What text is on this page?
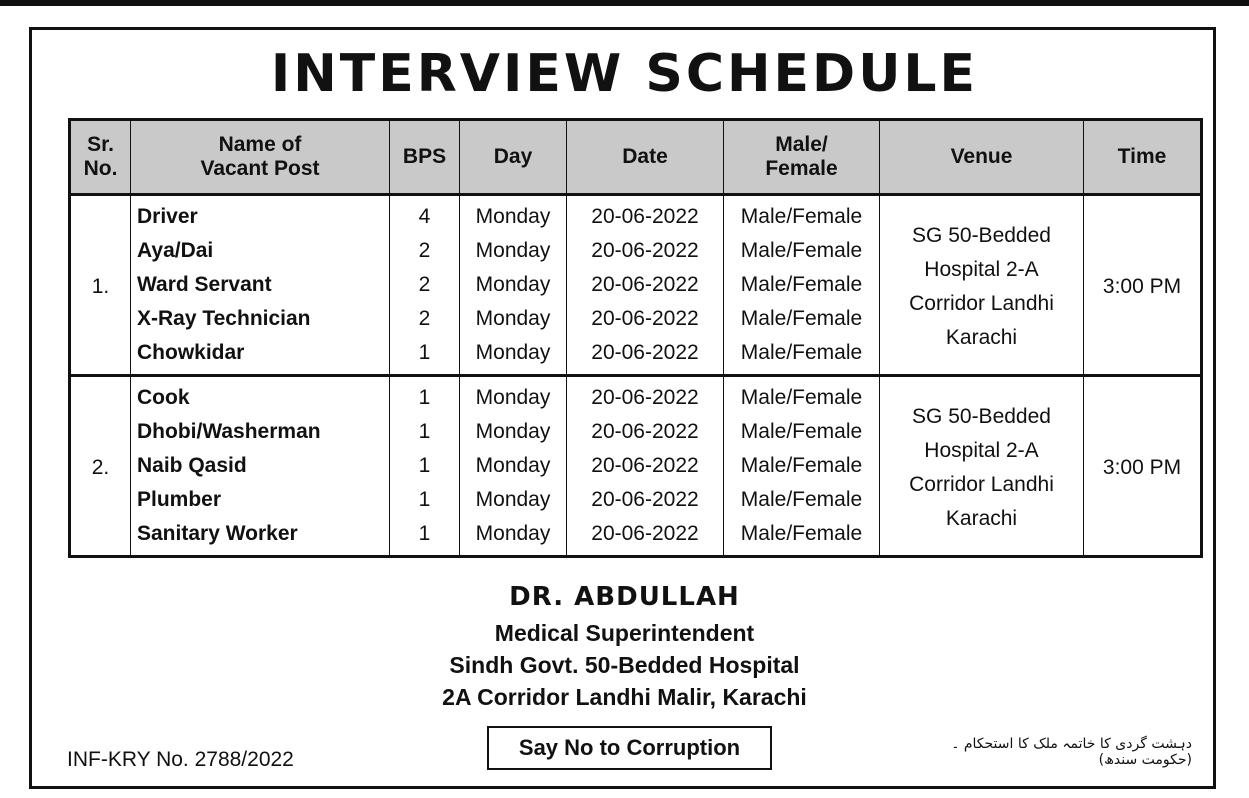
INTERVIEW SCHEDULE
Sr.
No.	Name of
Vacant Post	BPS	Day	Date	Male/
Female	Venue	Time
1.	Driver	4	Monday	20-06-2022	Male/Female	SG 50-Bedded
Hospital 2-A
Corridor Landhi
Karachi	3:00 PM
	Aya/Dai	2	Monday	20-06-2022	Male/Female		
	Ward Servant	2	Monday	20-06-2022	Male/Female		
	X-Ray Technician	2	Monday	20-06-2022	Male/Female		
	Chowkidar	1	Monday	20-06-2022	Male/Female		
2.	Cook	1	Monday	20-06-2022	Male/Female	SG 50-Bedded
Hospital 2-A
Corridor Landhi
Karachi	3:00 PM
	Dhobi/Washerman	1	Monday	20-06-2022	Male/Female		
	Naib Qasid	1	Monday	20-06-2022	Male/Female		
	Plumber	1	Monday	20-06-2022	Male/Female		
	Sanitary Worker	1	Monday	20-06-2022	Male/Female		
DR. ABDULLAH
Medical Superintendent
Sindh Govt. 50-Bedded Hospital
2A Corridor Landhi Malir, Karachi
INF-KRY No. 2788/2022	Say No to Corruption	دہشت گردی کا خاتمہ ملک کا استحکام ۔(حکومت سندھ)
